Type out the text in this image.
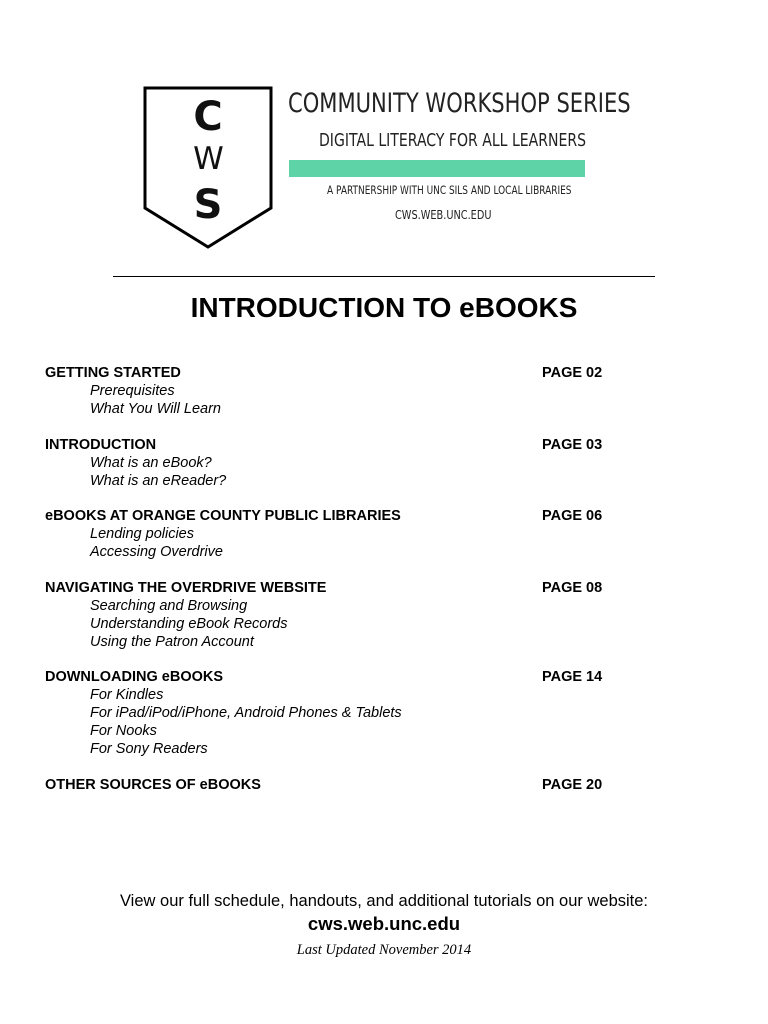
C
W
S
COMMUNITY WORKSHOP SERIES
DIGITAL LITERACY FOR ALL LEARNERS
A PARTNERSHIP WITH UNC SILS AND LOCAL LIBRARIES
CWS.WEB.UNC.EDU
INTRODUCTION TO eBOOKS
GETTING STARTED	PAGE 02
Prerequisites
What You Will Learn
INTRODUCTION	PAGE 03
What is an eBook?
What is an eReader?
eBOOKS AT ORANGE COUNTY PUBLIC LIBRARIES	PAGE 06
Lending policies
Accessing Overdrive
NAVIGATING THE OVERDRIVE WEBSITE	PAGE 08
Searching and Browsing
Understanding eBook Records
Using the Patron Account
DOWNLOADING eBOOKS	PAGE 14
For Kindles
For iPad/iPod/iPhone, Android Phones & Tablets
For Nooks
For Sony Readers
OTHER SOURCES OF eBOOKS	PAGE 20
View our full schedule, handouts, and additional tutorials on our website:
cws.web.unc.edu
Last Updated November 2014
